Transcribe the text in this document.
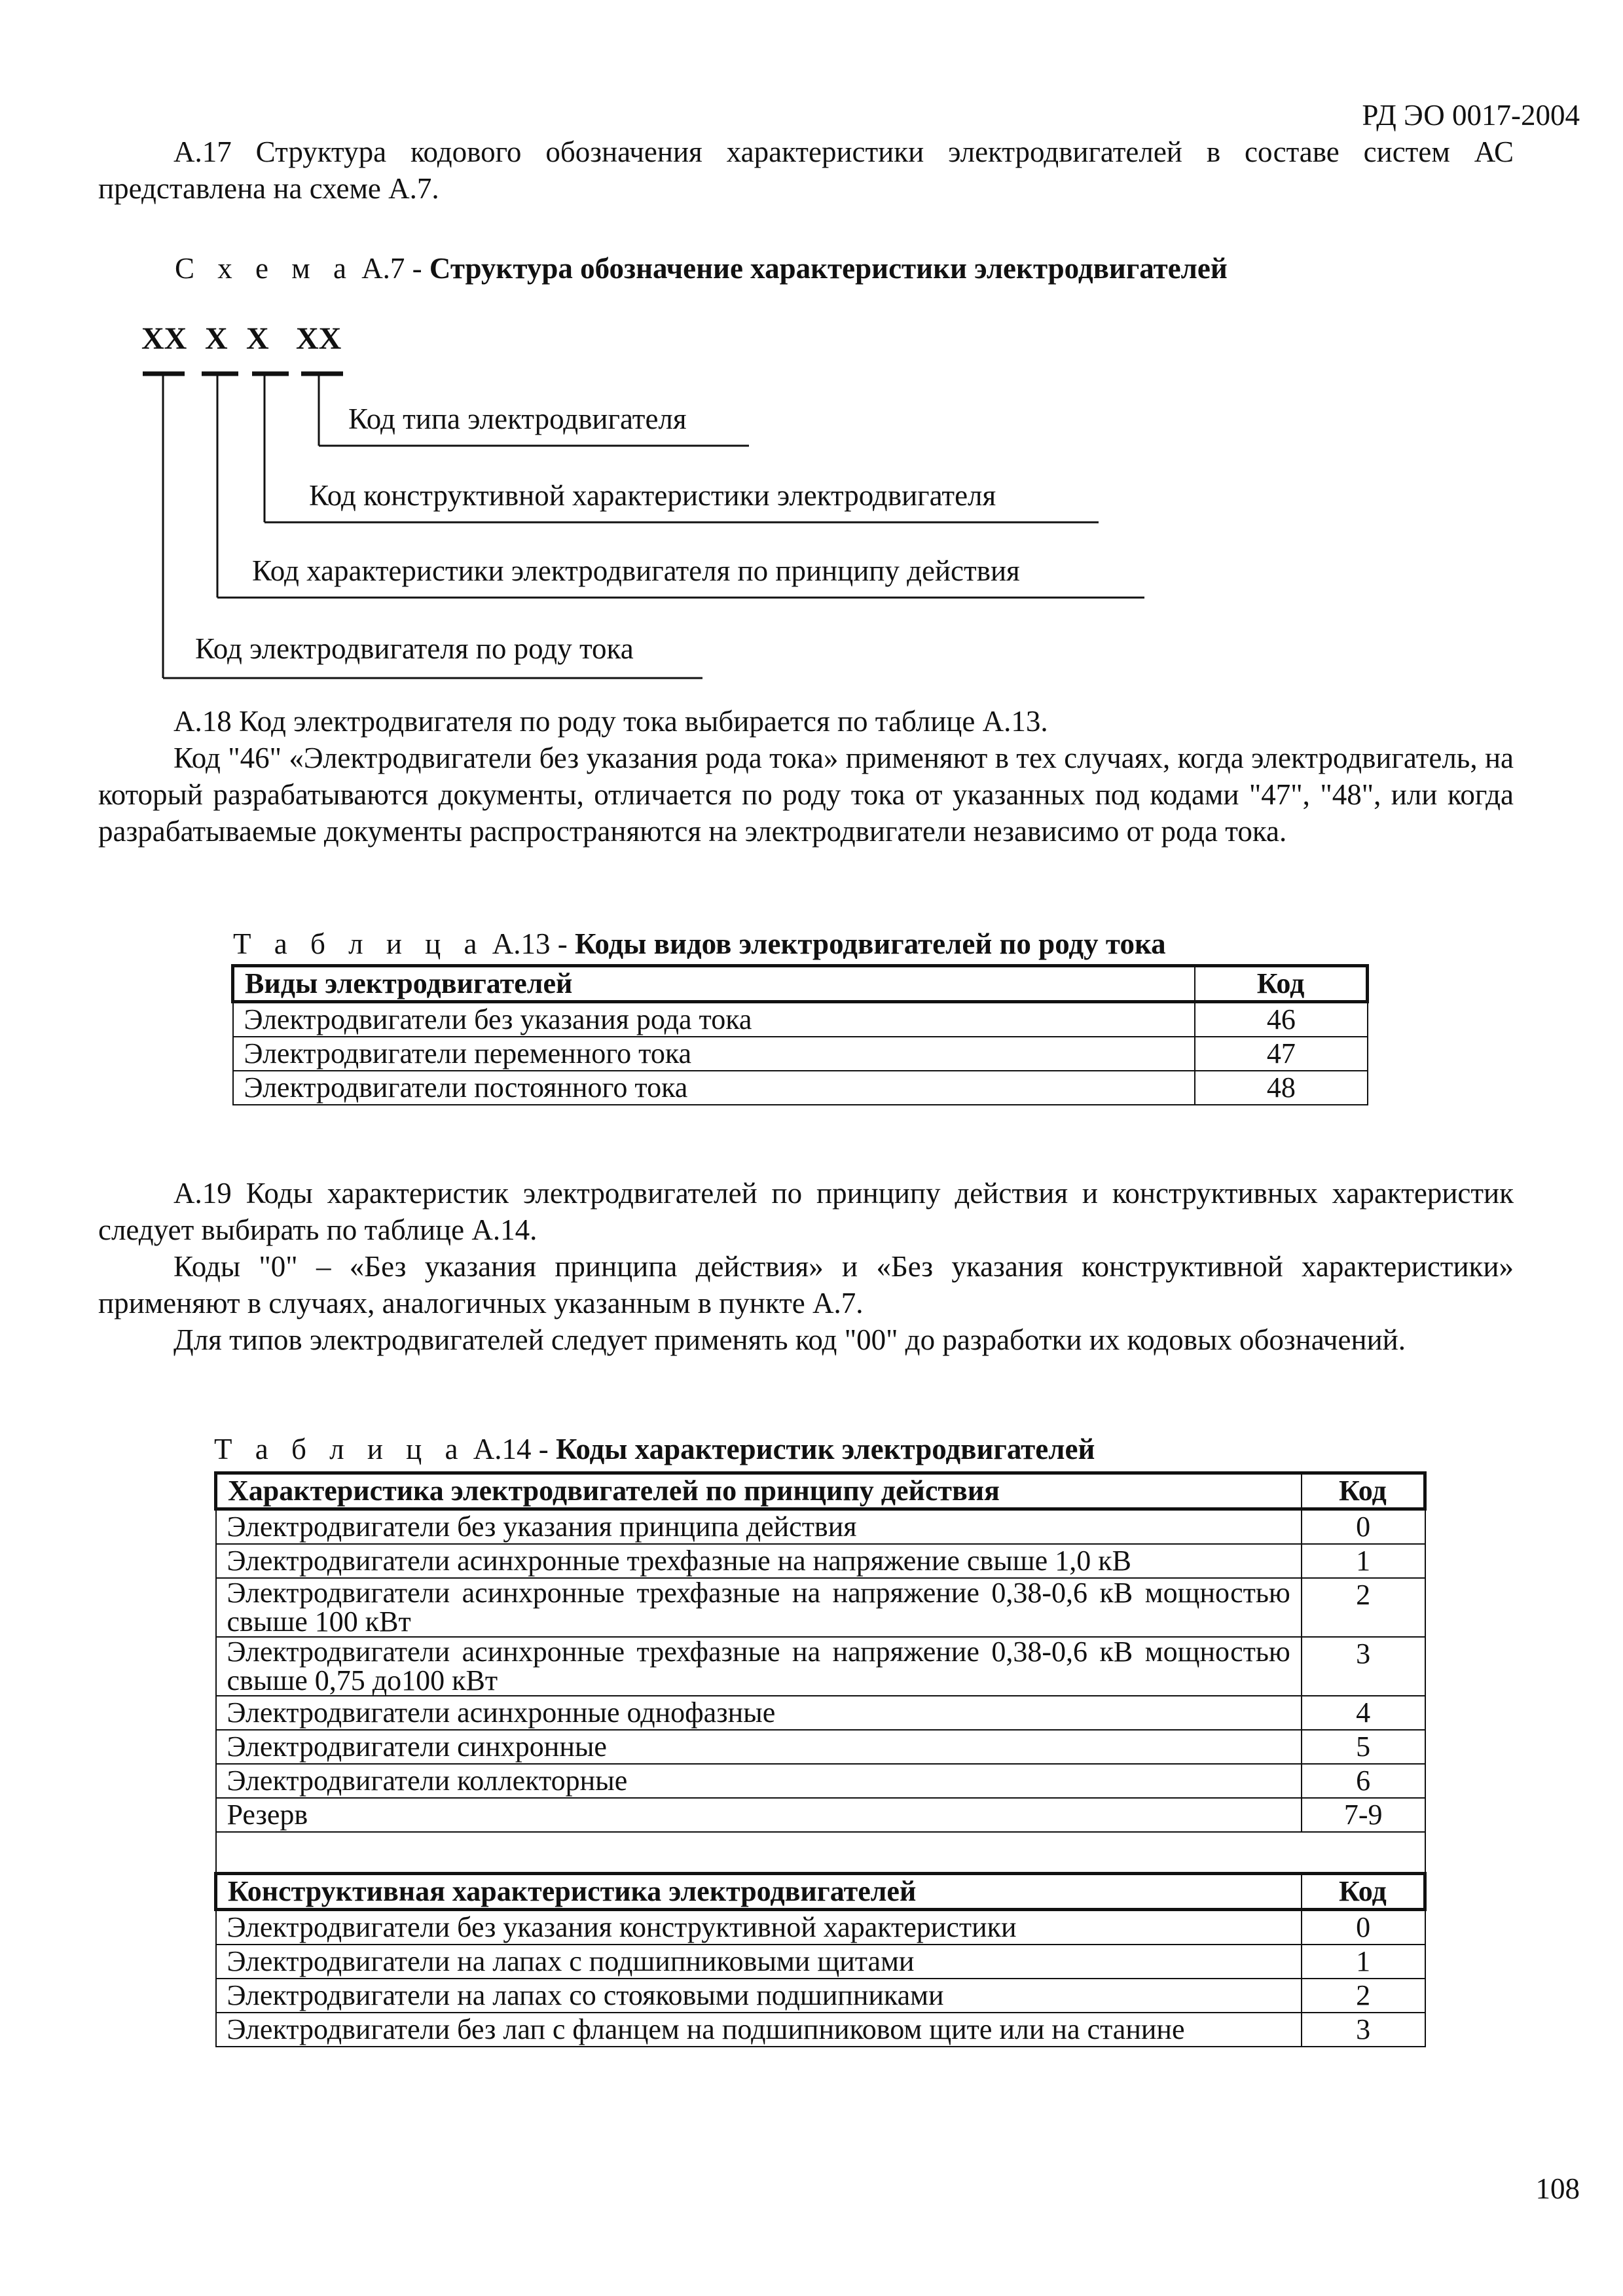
РД ЭО 0017-2004

А.17 Структура кодового обозначения характеристики электродвигателей в составе систем АС представлена на схеме А.7.

С х е м а А.7 - Структура обозначение характеристики электродвигателей
XX X X XX
Код типа электродвигателя
Код конструктивной характеристики электродвигателя
Код характеристики электродвигателя по принципу действия
Код электродвигателя по роду тока

А.18 Код электродвигателя по роду тока выбирается по таблице А.13.

Код "46" «Электродвигатели без указания рода тока» применяют в тех случаях, когда электродвигатель, на который разрабатываются документы, отличается по роду тока от указанных под кодами "47", "48", или когда разрабатываемые документы распространяются на электродвигатели независимо от рода тока.

Т а б л и ц а А.13 - Коды видов электродвигателей по роду тока
Виды электродвигателей	Код
Электродвигатели без указания рода тока	46
Электродвигатели переменного тока	47
Электродвигатели постоянного тока	48

А.19 Коды характеристик электродвигателей по принципу действия и конструктивных характеристик следует выбирать по таблице А.14.

Коды "0" – «Без указания принципа действия» и «Без указания конструктивной характеристики» применяют в случаях, аналогичных указанным в пункте А.7.

Для типов электродвигателей следует применять код "00" до разработки их кодовых обозначений.

Т а б л и ц а А.14 - Коды характеристик электродвигателей
Характеристика электродвигателей по принципу действия	Код
Электродвигатели без указания принципа действия	0
Электродвигатели асинхронные трехфазные на напряжение свыше 1,0 кВ	1
Электродвигатели асинхронные трехфазные на напряжение 0,38-0,6 кВ мощностью свыше 100 кВт	2
Электродвигатели асинхронные трехфазные на напряжение 0,38-0,6 кВ мощностью свыше 0,75 до100 кВт	3
Электродвигатели асинхронные однофазные	4
Электродвигатели синхронные	5
Электродвигатели коллекторные	6
Резерв	7-9

Конструктивная характеристика электродвигателей	Код
Электродвигатели без указания конструктивной характеристики	0
Электродвигатели на лапах с подшипниковыми щитами	1
Электродвигатели на лапах со стояковыми подшипниками	2
Электродвигатели без лап с фланцем на подшипниковом щите или на станине	3
108
